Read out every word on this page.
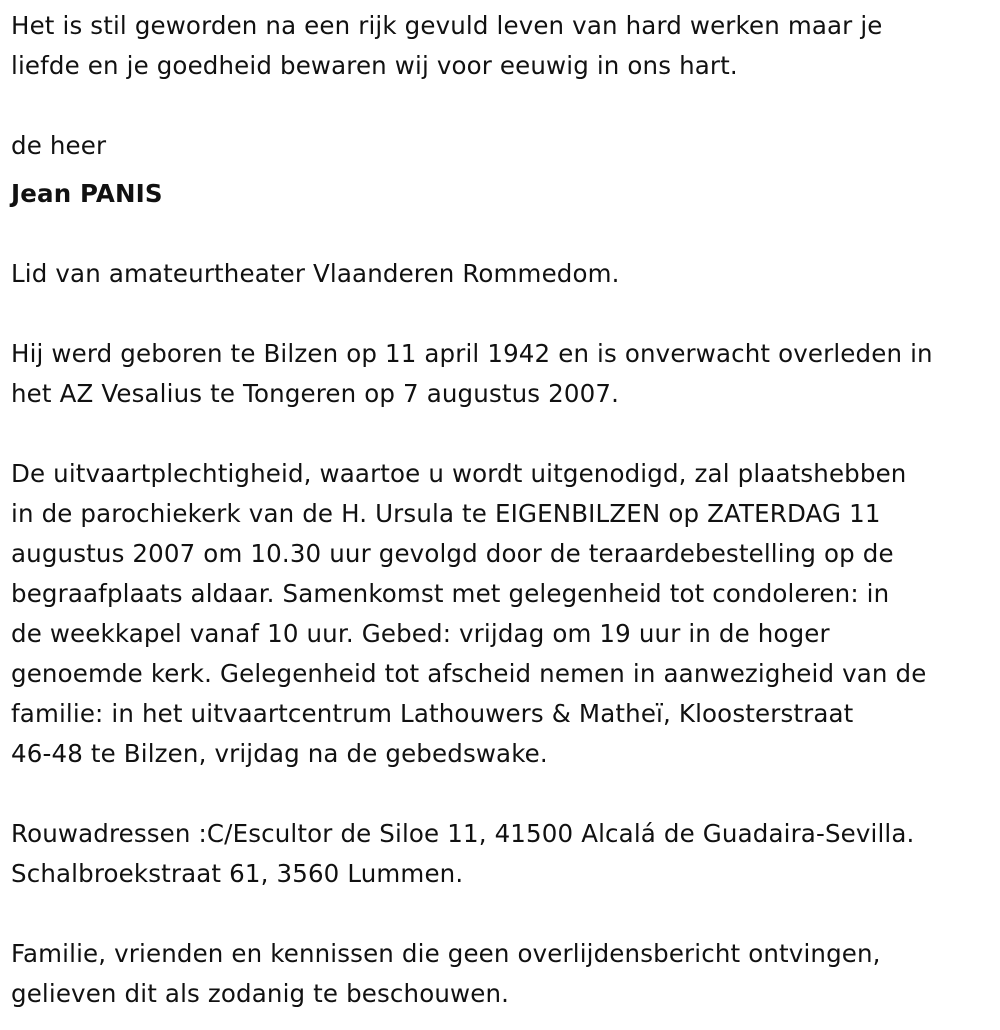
Het is stil geworden na een rijk gevuld leven van hard werken maar je

liefde en je goedheid bewaren wij voor eeuwig in ons hart.

de heer

Jean PANIS

Lid van amateurtheater Vlaanderen Rommedom.

Hij werd geboren te Bilzen op 11 april 1942 en is onverwacht overleden in

het AZ Vesalius te Tongeren op 7 augustus 2007.

De uitvaartplechtigheid, waartoe u wordt uitgenodigd, zal plaatshebben

in de parochiekerk van de H. Ursula te EIGENBILZEN op ZATERDAG 11

augustus 2007 om 10.30 uur gevolgd door de teraardebestelling op de

begraafplaats aldaar. Samenkomst met gelegenheid tot condoleren: in

de weekkapel vanaf 10 uur. Gebed: vrijdag om 19 uur in de hoger

genoemde kerk. Gelegenheid tot afscheid nemen in aanwezigheid van de

familie: in het uitvaartcentrum Lathouwers & Matheï, Kloosterstraat

46-48 te Bilzen, vrijdag na de gebedswake.

Rouwadressen :C/Escultor de Siloe 11, 41500 Alcalá de Guadaira-Sevilla.

Schalbroekstraat 61, 3560 Lummen.

Familie, vrienden en kennissen die geen overlijdensbericht ontvingen,

gelieven dit als zodanig te beschouwen.
